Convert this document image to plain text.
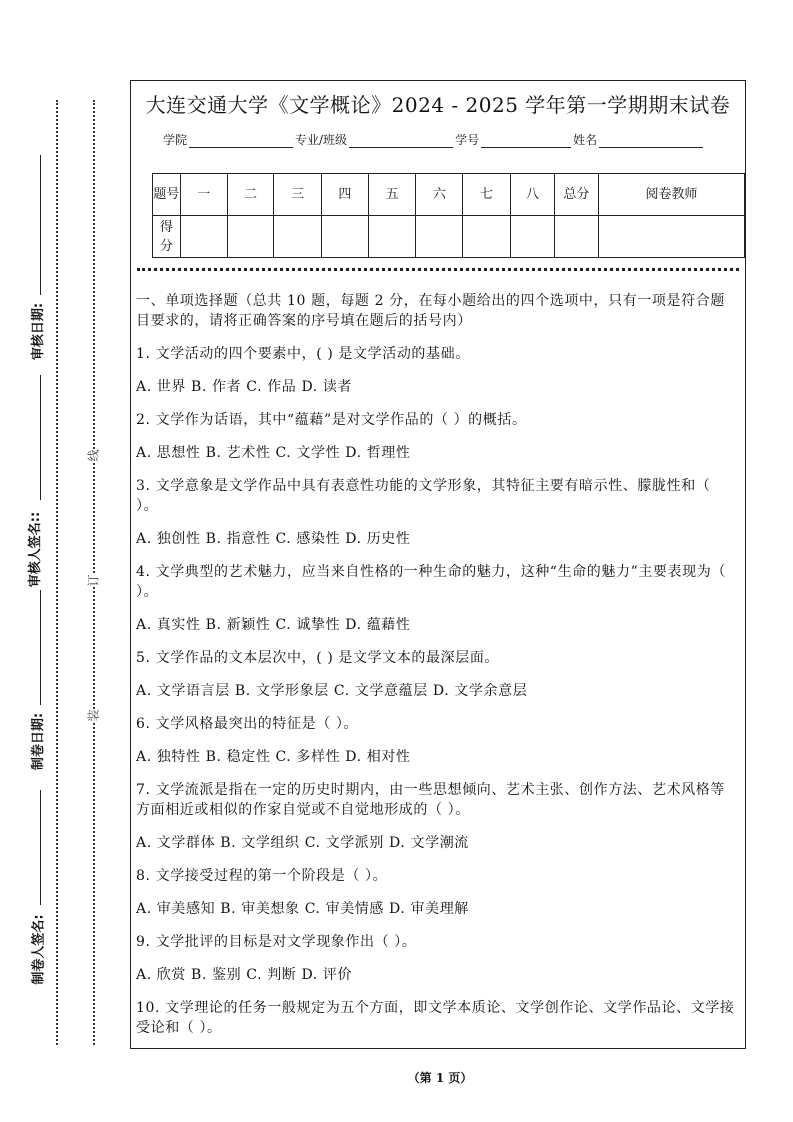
审核日期:
审核人签名::
制卷日期:
制卷人签名:
线
订
装
大连交通大学《文学概论》2024 - 2025 学年第一学期期末试卷
学院	专业/班级	学号	姓名
题号	一	二	三	四	五	六	七	八	总分	阅卷教师
得分										

一、单项选择题（总共 10 题，每题 2 分，在每小题给出的四个选项中，只有一项是符合题目要求的，请将正确答案的序号填在题后的括号内）

1. 文学活动的四个要素中，( ) 是文学活动的基础。

A. 世界 B. 作者 C. 作品 D. 读者

2. 文学作为话语，其中“蕴藉”是对文学作品的（ ）的概括。

A. 思想性 B. 艺术性 C. 文学性 D. 哲理性

3. 文学意象是文学作品中具有表意性功能的文学形象，其特征主要有暗示性、朦胧性和（ ）。

A. 独创性 B. 指意性 C. 感染性 D. 历史性

4. 文学典型的艺术魅力，应当来自性格的一种生命的魅力，这种“生命的魅力”主要表现为（ ）。

A. 真实性 B. 新颖性 C. 诚挚性 D. 蕴藉性

5. 文学作品的文本层次中，( ) 是文学文本的最深层面。

A. 文学语言层 B. 文学形象层 C. 文学意蕴层 D. 文学余意层

6. 文学风格最突出的特征是（ ）。

A. 独特性 B. 稳定性 C. 多样性 D. 相对性

7. 文学流派是指在一定的历史时期内，由一些思想倾向、艺术主张、创作方法、艺术风格等方面相近或相似的作家自觉或不自觉地形成的（ ）。

A. 文学群体 B. 文学组织 C. 文学派别 D. 文学潮流

8. 文学接受过程的第一个阶段是（ ）。

A. 审美感知 B. 审美想象 C. 审美情感 D. 审美理解

9. 文学批评的目标是对文学现象作出（ ）。

A. 欣赏 B. 鉴别 C. 判断 D. 评价

10. 文学理论的任务一般规定为五个方面，即文学本质论、文学创作论、文学作品论、文学接受论和（ ）。

（第 1 页）
